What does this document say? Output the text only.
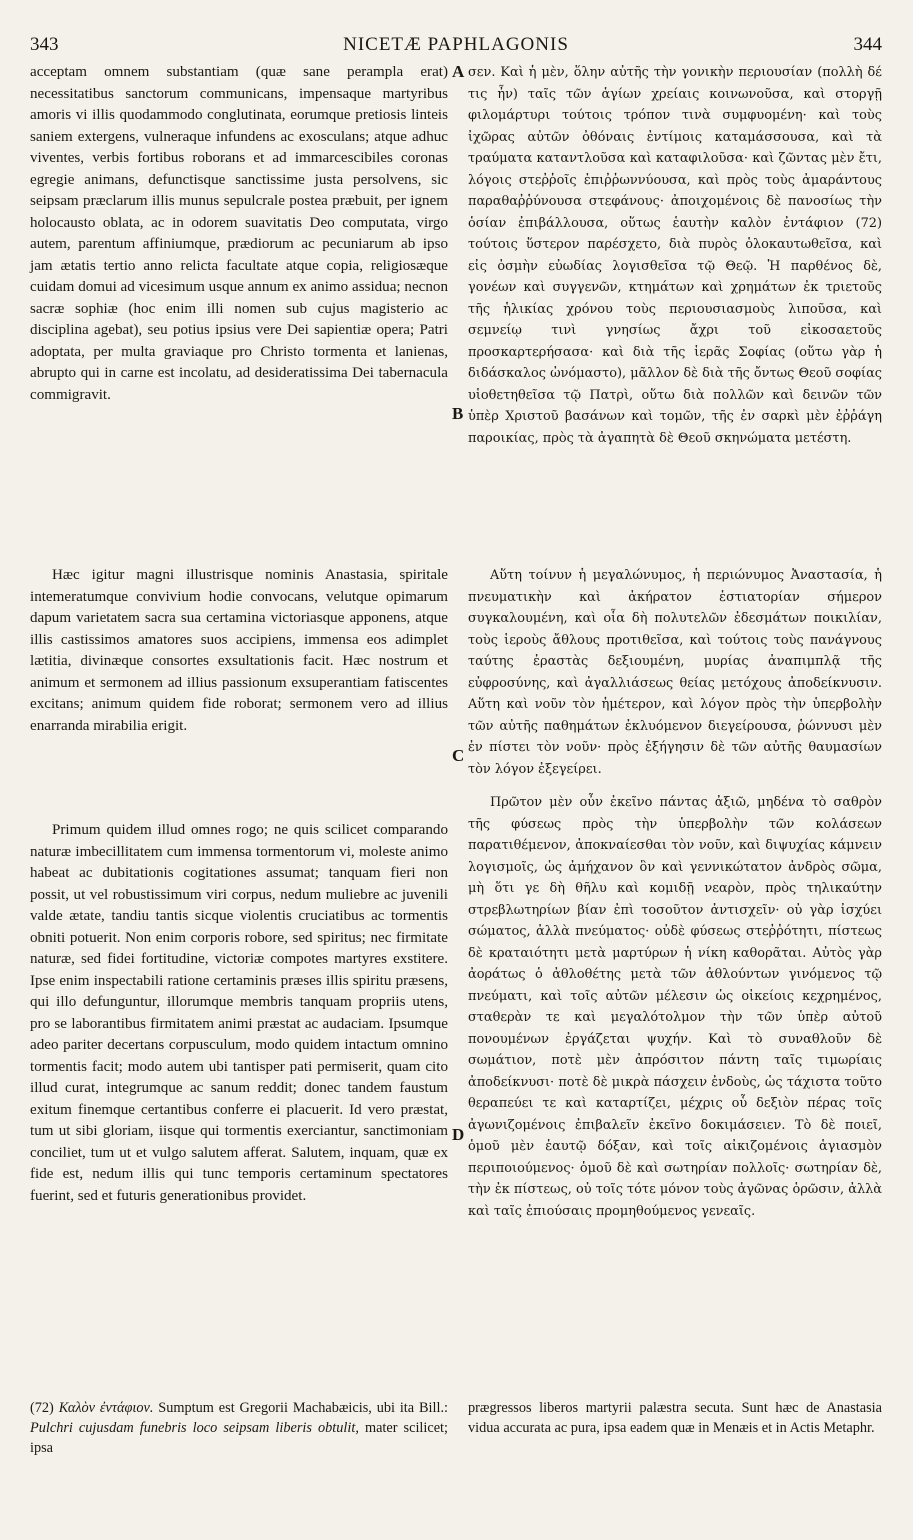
343	NICETÆ PAPHLAGONIS	344

acceptam omnem substantiam (quæ sane perampla erat) necessitatibus sanctorum communicans, impensaque martyribus amoris vi illis quodammodo conglutinata, eorumque pretiosis linteis saniem extergens, vulneraque infundens ac exosculans; atque adhuc viventes, verbis fortibus roborans et ad immarcescibiles coronas egregie animans, defunctisque sanctissime justa persolvens, sic seipsam præclarum illis munus sepulcrale postea præbuit, per ignem holocausto oblata, ac in odorem suavitatis Deo computata, virgo autem, parentum affiniumque, prædiorum ac pecuniarum ab ipso jam ætatis tertio anno relicta facultate atque copia, religiosæque cuidam domui ad vicesimum usque annum ex animo assidua; necnon sacræ sophiæ (hoc enim illi nomen sub cujus magisterio ac disciplina agebat), seu potius ipsius vere Dei sapientiæ opera; Patri adoptata, per multa graviaque pro Christo tormenta et lanienas, abrupto qui in carne est incolatu, ad desideratissima Dei tabernacula commigravit.

Hæc igitur magni illustrisque nominis Anastasia, spiritale intemeratumque convivium hodie convocans, velutque opimarum dapum varietatem sacra sua certamina victoriasque apponens, atque illis castissimos amatores suos accipiens, immensa eos adimplet lætitia, divinæque consortes exsultationis facit. Hæc nostrum et animum et sermonem ad illius passionum exsuperantiam fatiscentes excitans; animum quidem fide roborat; sermonem vero ad illius enarranda mirabilia erigit.

Primum quidem illud omnes rogo; ne quis scilicet comparando naturæ imbecillitatem cum immensa tormentorum vi, moleste animo habeat ac dubitationis cogitationes assumat; tanquam fieri non possit, ut vel robustissimum viri corpus, nedum muliebre ac juvenili valde ætate, tandiu tantis sicque violentis cruciatibus ac tormentis obniti potuerit. Non enim corporis robore, sed spiritus; nec firmitate naturæ, sed fidei fortitudine, victoriæ compotes martyres exstitere. Ipse enim inspectabili ratione certaminis præses illis spiritu præsens, qui illo defunguntur, illorumque membris tanquam propriis utens, pro se laborantibus firmitatem animi præstat ac audaciam. Ipsumque adeo pariter decertans corpusculum, modo quidem intactum omnino tormentis facit; modo autem ubi tantisper pati permiserit, quam cito illud curat, integrumque ac sanum reddit; donec tandem faustum exitum finemque certantibus conferre ei placuerit. Id vero præstat, tum ut sibi gloriam, iisque qui tormentis exerciantur, sanctimoniam conciliet, tum ut et vulgo salutem afferat. Salutem, inquam, quæ ex fide est, nedum illis qui tunc temporis certaminum spectatores fuerint, sed et futuris generationibus providet.

σεν. Καὶ ἡ μὲν, ὅλην αὐτῆς τὴν γονικὴν περιουσίαν (πολλὴ δέ τις ἦν) ταῖς τῶν ἁγίων χρείαις κοινωνοῦσα, καὶ στοργῇ φιλομάρτυρι τούτοις τρόπον τινὰ συμφυομένη· καὶ τοὺς ἰχῶρας αὐτῶν ὀθόναις ἐντίμοις καταμάσσουσα, καὶ τὰ τραύματα καταντλοῦσα καὶ καταφιλοῦσα· καὶ ζῶντας μὲν ἔτι, λόγοις στεῤῥοῖς ἐπιῤῥωννύουσα, καὶ πρὸς τοὺς ἀμαράντους παραθαῤῥύνουσα στεφάνους· ἀποιχομένοις δὲ πανοσίως τὴν ὁσίαν ἐπιβάλλουσα, οὕτως ἑαυτὴν καλὸν ἐντάφιον (72) τούτοις ὕστερον παρέσχετο, διὰ πυρὸς ὁλοκαυτωθεῖσα, καὶ εἰς ὀσμὴν εὐωδίας λογισθεῖσα τῷ Θεῷ. Ἡ παρθένος δὲ, γονέων καὶ συγγενῶν, κτημάτων καὶ χρημάτων ἐκ τριετοῦς τῆς ἡλικίας χρόνου τοὺς περιουσιασμοὺς λιποῦσα, καὶ σεμνείῳ τινὶ γνησίως ἄχρι τοῦ εἰκοσαετοῦς προσκαρτερήσασα· καὶ διὰ τῆς ἱερᾶς Σοφίας (οὕτω γὰρ ἡ διδάσκαλος ὠνόμαστο), μᾶλλον δὲ διὰ τῆς ὄντως Θεοῦ σοφίας υἱοθετηθεῖσα τῷ Πατρὶ, οὕτω διὰ πολλῶν καὶ δεινῶν τῶν ὑπὲρ Χριστοῦ βασάνων καὶ τομῶν, τῆς ἐν σαρκὶ μὲν ἐῤῥάγη παροικίας, πρὸς τὰ ἀγαπητὰ δὲ Θεοῦ σκηνώματα μετέστη.

Αὕτη τοίνυν ἡ μεγαλώνυμος, ἡ περιώνυμος Ἀναστασία, ἡ πνευματικὴν καὶ ἀκήρατον ἑστιατορίαν σήμερον συγκαλουμένη, καὶ οἷα δὴ πολυτελῶν ἐδεσμάτων ποικιλίαν, τοὺς ἱεροὺς ἄθλους προτιθεῖσα, καὶ τούτοις τοὺς πανάγνους ταύτης ἐραστὰς δεξιουμένη, μυρίας ἀναπιμπλᾷ τῆς εὐφροσύνης, καὶ ἀγαλλιάσεως θείας μετόχους ἀποδείκνυσιν. Αὕτη καὶ νοῦν τὸν ἡμέτερον, καὶ λόγον πρὸς τὴν ὑπερβολὴν τῶν αὐτῆς παθημάτων ἐκλυόμενον διεγείρουσα, ῥώννυσι μὲν ἐν πίστει τὸν νοῦν· πρὸς ἐξήγησιν δὲ τῶν αὐτῆς θαυμασίων τὸν λόγον ἐξεγείρει.

Πρῶτον μὲν οὖν ἐκεῖνο πάντας ἀξιῶ, μηδένα τὸ σαθρὸν τῆς φύσεως πρὸς τὴν ὑπερβολὴν τῶν κολάσεων παρατιθέμενον, ἀποκναίεσθαι τὸν νοῦν, καὶ διψυχίας κάμνειν λογισμοῖς, ὡς ἀμήχανον ὃν καὶ γεννικώτατον ἀνδρὸς σῶμα, μὴ ὅτι γε δὴ θῆλυ καὶ κομιδῇ νεαρὸν, πρὸς τηλικαύτην στρεβλωτηρίων βίαν ἐπὶ τοσοῦτον ἀντισχεῖν· οὐ γὰρ ἰσχύει σώματος, ἀλλὰ πνεύματος· οὐδὲ φύσεως στεῤῥότητι, πίστεως δὲ κραταιότητι μετὰ μαρτύρων ἡ νίκη καθορᾶται. Αὐτὸς γὰρ ἀοράτως ὁ ἀθλοθέτης μετὰ τῶν ἀθλούντων γινόμενος τῷ πνεύματι, καὶ τοῖς αὐτῶν μέλεσιν ὡς οἰκείοις κεχρημένος, σταθερὰν τε καὶ μεγαλότολμον τὴν τῶν ὑπὲρ αὐτοῦ πονουμένων ἐργάζεται ψυχήν. Καὶ τὸ συναθλοῦν δὲ σωμάτιον, ποτὲ μὲν ἀπρόσιτον πάντη ταῖς τιμωρίαις ἀποδείκνυσι· ποτὲ δὲ μικρὰ πάσχειν ἐνδοὺς, ὡς τάχιστα τοῦτο θεραπεύει τε καὶ καταρτίζει, μέχρις οὗ δεξιὸν πέρας τοῖς ἀγωνιζομένοις ἐπιβαλεῖν ἐκεῖνο δοκιμάσειεν. Τὸ δὲ ποιεῖ, ὁμοῦ μὲν ἑαυτῷ δόξαν, καὶ τοῖς αἰκιζομένοις ἁγιασμὸν περιποιούμενος· ὁμοῦ δὲ καὶ σωτηρίαν πολλοῖς· σωτηρίαν δὲ, τὴν ἐκ πίστεως, οὐ τοῖς τότε μόνον τοὺς ἀγῶνας ὁρῶσιν, ἀλλὰ καὶ ταῖς ἐπιούσαις προμηθούμενος γενεαῖς.

A
B
C
D

(72) Καλὸν ἐντάφιον. Sumptum est Gregorii Machabæicis, ubi ita Bill.: Pulchri cujusdam funebris loco seipsam liberis obtulit, mater scilicet; ipsa

prægressos liberos martyrii palæstra secuta. Sunt hæc de Anastasia vidua accurata ac pura, ipsa eadem quæ in Menæis et in Actis Metaphr.
